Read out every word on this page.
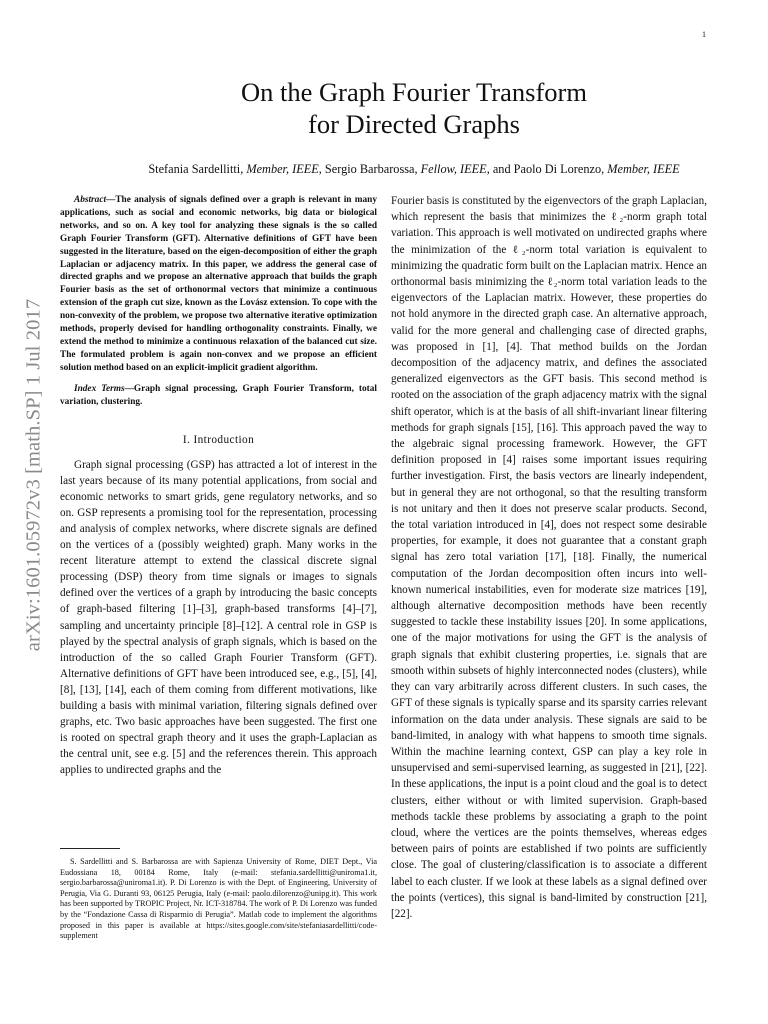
1
arXiv:1601.05972v3 [math.SP] 1 Jul 2017
On the Graph Fourier Transform
for Directed Graphs
Stefania Sardellitti, Member, IEEE, Sergio Barbarossa, Fellow, IEEE, and Paolo Di Lorenzo, Member, IEEE

Abstract—The analysis of signals defined over a graph is relevant in many applications, such as social and economic networks, big data or biological networks, and so on. A key tool for analyzing these signals is the so called Graph Fourier Transform (GFT). Alternative definitions of GFT have been suggested in the literature, based on the eigen-decomposition of either the graph Laplacian or adjacency matrix. In this paper, we address the general case of directed graphs and we propose an alternative approach that builds the graph Fourier basis as the set of orthonormal vectors that minimize a continuous extension of the graph cut size, known as the Lovász extension. To cope with the non-convexity of the problem, we propose two alternative iterative optimization methods, properly devised for handling orthogonality constraints. Finally, we extend the method to minimize a continuous relaxation of the balanced cut size. The formulated problem is again non-convex and we propose an efficient solution method based on an explicit-implicit gradient algorithm.

Index Terms—Graph signal processing, Graph Fourier Transform, total variation, clustering.

I. Introduction

Graph signal processing (GSP) has attracted a lot of interest in the last years because of its many potential applications, from social and economic networks to smart grids, gene regulatory networks, and so on. GSP represents a promising tool for the representation, processing and analysis of complex networks, where discrete signals are defined on the vertices of a (possibly weighted) graph. Many works in the recent literature attempt to extend the classical discrete signal processing (DSP) theory from time signals or images to signals defined over the vertices of a graph by introducing the basic concepts of graph-based filtering [1]–[3], graph-based transforms [4]–[7], sampling and uncertainty principle [8]–[12]. A central role in GSP is played by the spectral analysis of graph signals, which is based on the introduction of the so called Graph Fourier Transform (GFT). Alternative definitions of GFT have been introduced see, e.g., [5], [4], [8], [13], [14], each of them coming from different motivations, like building a basis with minimal variation, filtering signals defined over graphs, etc. Two basic approaches have been suggested. The first one is rooted on spectral graph theory and it uses the graph-Laplacian as the central unit, see e.g. [5] and the references therein. This approach applies to undirected graphs and the

S. Sardellitti and S. Barbarossa are with Sapienza University of Rome, DIET Dept., Via Eudossiana 18, 00184 Rome, Italy (e-mail: stefania.sardellitti@uniroma1.it, sergio.barbarossa@uniroma1.it). P. Di Lorenzo is with the Dept. of Engineering, University of Perugia, Via G. Duranti 93, 06125 Perugia, Italy (e-mail: paolo.dilorenzo@unipg.it). This work has been supported by TROPIC Project, Nr. ICT-318784. The work of P. Di Lorenzo was funded by the “Fondazione Cassa di Risparmio di Perugia”. Matlab code to implement the algorithms proposed in this paper is available at https://sites.google.com/site/stefaniasardellitti/code-supplement

Fourier basis is constituted by the eigenvectors of the graph Laplacian, which represent the basis that minimizes the ℓ₂-norm graph total variation. This approach is well motivated on undirected graphs where the minimization of the ℓ₂-norm total variation is equivalent to minimizing the quadratic form built on the Laplacian matrix. Hence an orthonormal basis minimizing the ℓ₂-norm total variation leads to the eigenvectors of the Laplacian matrix. However, these properties do not hold anymore in the directed graph case. An alternative approach, valid for the more general and challenging case of directed graphs, was proposed in [1], [4]. That method builds on the Jordan decomposition of the adjacency matrix, and defines the associated generalized eigenvectors as the GFT basis. This second method is rooted on the association of the graph adjacency matrix with the signal shift operator, which is at the basis of all shift-invariant linear filtering methods for graph signals [15], [16]. This approach paved the way to the algebraic signal processing framework. However, the GFT definition proposed in [4] raises some important issues requiring further investigation. First, the basis vectors are linearly independent, but in general they are not orthogonal, so that the resulting transform is not unitary and then it does not preserve scalar products. Second, the total variation introduced in [4], does not respect some desirable properties, for example, it does not guarantee that a constant graph signal has zero total variation [17], [18]. Finally, the numerical computation of the Jordan decomposition often incurs into well-known numerical instabilities, even for moderate size matrices [19], although alternative decomposition methods have been recently suggested to tackle these instability issues [20]. In some applications, one of the major motivations for using the GFT is the analysis of graph signals that exhibit clustering properties, i.e. signals that are smooth within subsets of highly interconnected nodes (clusters), while they can vary arbitrarily across different clusters. In such cases, the GFT of these signals is typically sparse and its sparsity carries relevant information on the data under analysis. These signals are said to be band-limited, in analogy with what happens to smooth time signals. Within the machine learning context, GSP can play a key role in unsupervised and semi-supervised learning, as suggested in [21], [22]. In these applications, the input is a point cloud and the goal is to detect clusters, either without or with limited supervision. Graph-based methods tackle these problems by associating a graph to the point cloud, where the vertices are the points themselves, whereas edges between pairs of points are established if two points are sufficiently close. The goal of clustering/classification is to associate a different label to each cluster. If we look at these labels as a signal defined over the points (vertices), this signal is band-limited by construction [21], [22].
